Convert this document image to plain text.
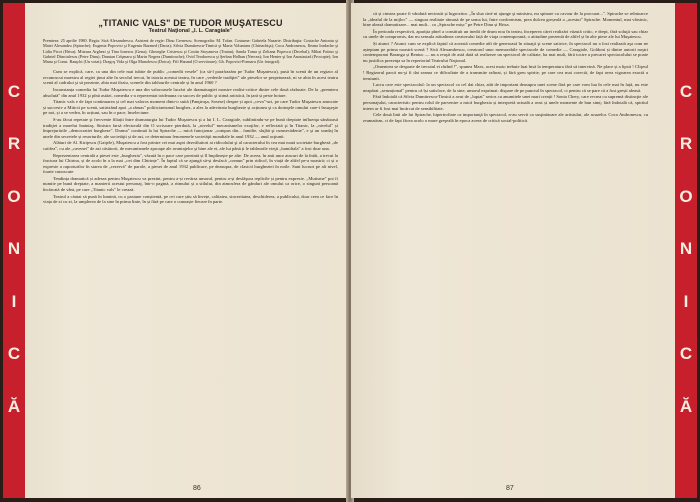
C
R
O
N
I
C
Ă
„TITANIC VALS" DE TUDOR MUŞATESCU
Teatrul Naţional „I. L. Caragiale"
Premiera: 25 aprilie 1980. Regia: Sică Alexandrescu. Asistent de regie: Dinu Cernescu. Scenografia: M. Tofan. Costume: Gabriela Nazarie. Distribuţia: Costache Antoniu şi Matei Alexandru (Spirache); Eugenia Popovici şi Eugenia Bazmed (Dacia); Silvia Dumitrescu-Timică şi Maria Voluntaru (Chiriachiţa); Coca Andronescu, Ileana Iordache şi Lidia Picot (Hrisa); Mitzura Arghezi şi Tina Ionescu (Gena); Gheorghe Cristescu şi Costin Stoyanova (Traian); Sanda Toma şi Zoltana Popescu (Decebal); Mihai Fotino şi Gabriel Dănciulescu (Petre Dinu); Damian Crîşmaru şi Marin Negrea (Dumitrache); Ovid Teodorescu şi Şerban Holban (Nercea); Ion Henter şi Ion Anastasiad (Procopie); Ion Manu şi Const. Rauţchi (Un votat); Dragoş Vida şi Olga Manolescu (Doica); Fifi Harand (O servitoare); Gh. Popovici-Poenaru (Un fotograf).

Cum se explică, care, ca una din cele mai iubite de public „comedii vesele" (ca să-l parafrazăm pe Tudor Muşatescu), pusă în scenă de un regizor al recunoscut maestru al regiei ţinut alte în secolul trecut, în istoria acestui teatru, în care „vederile tradiţiei" ale pieselor se perpetuează, ni se abia în acest teatru scenă al cadrului şi să prezinte, abia mai tîrziu, scenele din tablourile centrale și în anul 1960 ?

Inconstanța comedia lui Tudor Muşatescu e una din valoroasele lucrări ale dramaturgiei noastre realist-critice dintre cele două războaie. De la „premiera absolută" din anul 1932 şi pînă astăzi, comedia s-a reprezentat totdeauna cu succes de public şi stimă artistică, în țară și peste hotare.

Titanic vals e de fapt continuarea și cel mai valoros moment dintr-o suită (Panţiruşa, Sosese) despre și apoi „ceva"-uri, pe care Tudor Muşatescu aruncate și succesiv a Miticii pe scenă, satirizând apoi „a rămas" politicianismul burghez, a ales la adevărata burghezie și acțiunea şi ca dorinţele omului care-i însuşeşte pe noi, și a se vedea, în acțiuni, sau în o pace, înseleciune.

S-au făcut repetate şi frecvente filiații între dramaturgia lui Tudor Muşatescu şi a lui I. L. Caragiale, subliniindu-se pe bună dreptate influenţa sănătoasă tradiţiei a marelui înaintaş. Sinistra farsă electorală din O scrisoare pierdută, la „nivelul" mecanismelor exoţilor, e reflectată şi în Titanic, la „nivelul" și împrejurările „democratiei burgheze". Drama" continuă la lui Spirache — mică funcţionar „compus din... familie, slujbă şi cumsecădenie", e şi un sondaj în unele din secretele și resorturile, ale societăţii și de azi, ce determinau fenomenele societăţii mondiale în anul 1932 — anul acţiunii.

Alături de Al. Kiriţescu (Gaiţele), Muşatescu a fost printre cei mai aspri dezvăluitori ai ridicolului şi al caracterului în cea mai nouă societate burgheză „de catifea", cu ale „ravenei" de azi căsătorii, de mecanismele aproape ale avantajelor şi bine ale ei, ale lui până ți le tablourile vieţii „hamiliala" a fost doar una.

Reprezentarea centrală a piesei este „burghezia", văzută în o pace care prezintă și îl împlinește pe alte. De aceea, în anii unor atacuri de la întâi, a trecut la fractura lui Chirina, și de acolo în a la mai „cei dim Chirințe". În faptul că se ajungă să-și desfacă „comun" prin ridicol, în viață de altfel pe-a noastră; ci și o expresie a raporturilor în starea de „rezervă" de parole, a piesei de anul 1932 publicare, pe deasupra, de clasicii burgheziei în noile. Sunt lucruri pe alt nivel, foarte cunoscute.

Tendința dramatică și adesea pentru Muşatescu va prezint, pentru a-și revărsa umorul, pentru a-și desfăşura replicile și pentru expresie. „Mutisme" pot fi numite pe bună dreptate, a manierii acestui personaj, într-o pagină, a ritmului și a stilului, din atmosfera de gânduri ale omului ca orice, o singură persoană încărcată de vânt, pe care „Titanic vals" le crează.

Teatrul a căutat să pună în lumină, cu o pasiune conștientă, pe cei care știu să învețe, calitatea, sinceritatea, deschiderea, a publicului, doar ceea ce face în viața de zi cu zi, la umplerea de la sine în prima linie, în și fără pe care o cunoaște fiecare în parte.

86

că și cinstea poate fi vândută necinstit și îngrozitor. „În slua ciné ni ajunge şi ministru, nu spinare cu cavour de la procurat...". Spirache se reîntoarce la „idealul de la mijloc" — singura realitate rămasă de pe urma lui, între conformism, prea dulcea greșeală a „acestui" Spirache. Momentul, mai vârstnic, bine aleasă dramatizare... mai mult... ca „Spirache mișc" pe Petre Dinu și Hrisa.

În perioada respectivă, apariția pînel a constituit un inedit de drum nou în teatru, începerea cărei realizări văzută critic, e drept, fără soluţii sau chiar cu unele de compromis, dar nu sensula atitudinea creatorului față de viaţa contemporană, o atitudine prezentă de altfel și în alte piese ale lui Muşatescu.

Și atunci ? Atunci cum se explică faptul că această comedie atît de generoasă în situaţii şi scene satirice, în spectacol nu a fost realizată aşa cum ne așteptam pe prima noastră scenă ? Sică Alexandrescu, creatorul unor memorabile spectacole de comedie — Caragiale, Goldoni și dintre autorii noştri contemporani Baranga și Beniuc — nu a reuşit de astă dată să realizeze un spectacol de calitate, ba mai mult, fără tocire a precarei spectacolului se poate nu justifica prezenţa sa în repertoriul Teatrului Naţional.

„Omenirea se desparte de trecutul ei râzînd !", spunea Marx, acest moto trebuie luat însă la temperatura fără să intervină. Ne place și a lipsit ! Clişeul ! Regizorul parcă nu-şi fi dat seama ce dificultate de a transmite rafinat, și fără greu spirite, pe care cea mai corectă, de fapt avea vigoarea exactă a tensiunii.

Lucru care este spectacolul: la un spectacol ca cel dat chiar, atât de important deasupra unei scene fără pe care vom lua în cele mai în față, nu este neapărat „senzațional" pentru că își satisface, de la sine, umorul exprimat: dispare de pe punctul în spectacol, ci pentru că se pare că a fost greșit aleasă.

Fără îndoială că Silvia Dumitrescu-Timică a avut de „luptat" serios cu anumitele unei mari creații ! Sonia Chery, care recrea cu supremă distincţie ale personajului, caracteristic pentru rolul de parvenire a mică burghezia și interpretă actuală a avut și unele momente de bun simț; fără îndoială că, spiritul intern ar fi fost mai încărcat de sensibilitate.

Cele două linii ale lui Spirache, hipertrofiate ca importanţă în spectacol, n-au servit ca susţinătoare ale artistului, ale acuzelor. Coca Andronescu, cu reumatism, ci de fapt făcea acolo o mare greşeală în epoca aceea de critică social-politică.

C
R
O
N
I
C
Ă
87
